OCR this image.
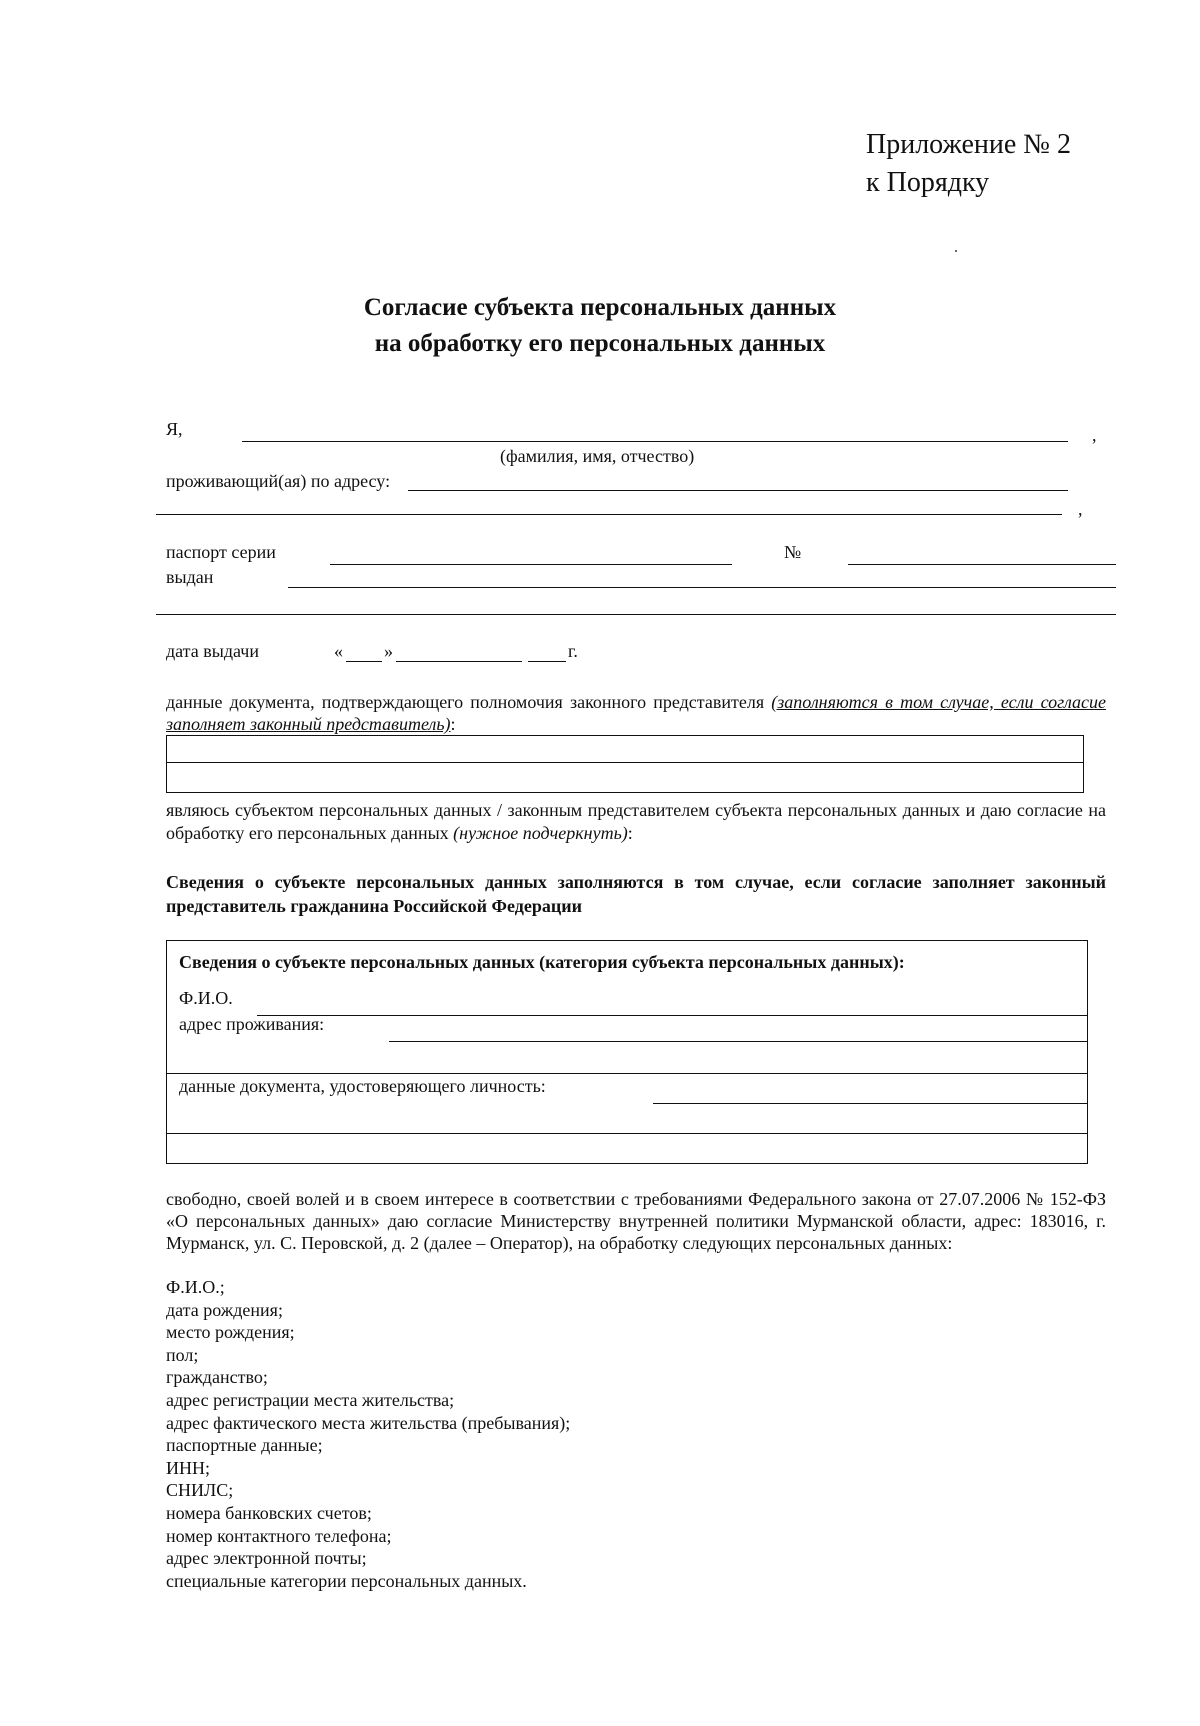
Приложение № 2
к Порядку
Согласие субъекта персональных данных
на обработку его персональных данных
Я,	,
(фамилия, имя, отчество)
проживающий(ая) по адресу:
,
паспорт серии	№
выдан
дата выдачи	« »	г.
данные документа, подтверждающего полномочия законного представителя (заполняются в том случае, если согласие заполняет законный представитель):
являюсь субъектом персональных данных / законным представителем субъекта персональных данных и даю согласие на обработку его персональных данных (нужное подчеркнуть):
Сведения о субъекте персональных данных заполняются в том случае, если согласие заполняет законный представитель гражданина Российской Федерации
Сведения о субъекте персональных данных (категория субъекта персональных данных):
Ф.И.О.
адрес проживания:
данные документа, удостоверяющего личность:
свободно, своей волей и в своем интересе в соответствии с требованиями Федерального закона от 27.07.2006 № 152-ФЗ «О персональных данных» даю согласие Министерству внутренней политики Мурманской области, адрес: 183016, г. Мурманск, ул. С. Перовской, д. 2 (далее – Оператор), на обработку следующих персональных данных:
Ф.И.О.;
дата рождения;
место рождения;
пол;
гражданство;
адрес регистрации места жительства;
адрес фактического места жительства (пребывания);
паспортные данные;
ИНН;
СНИЛС;
номера банковских счетов;
номер контактного телефона;
адрес электронной почты;
специальные категории персональных данных.
